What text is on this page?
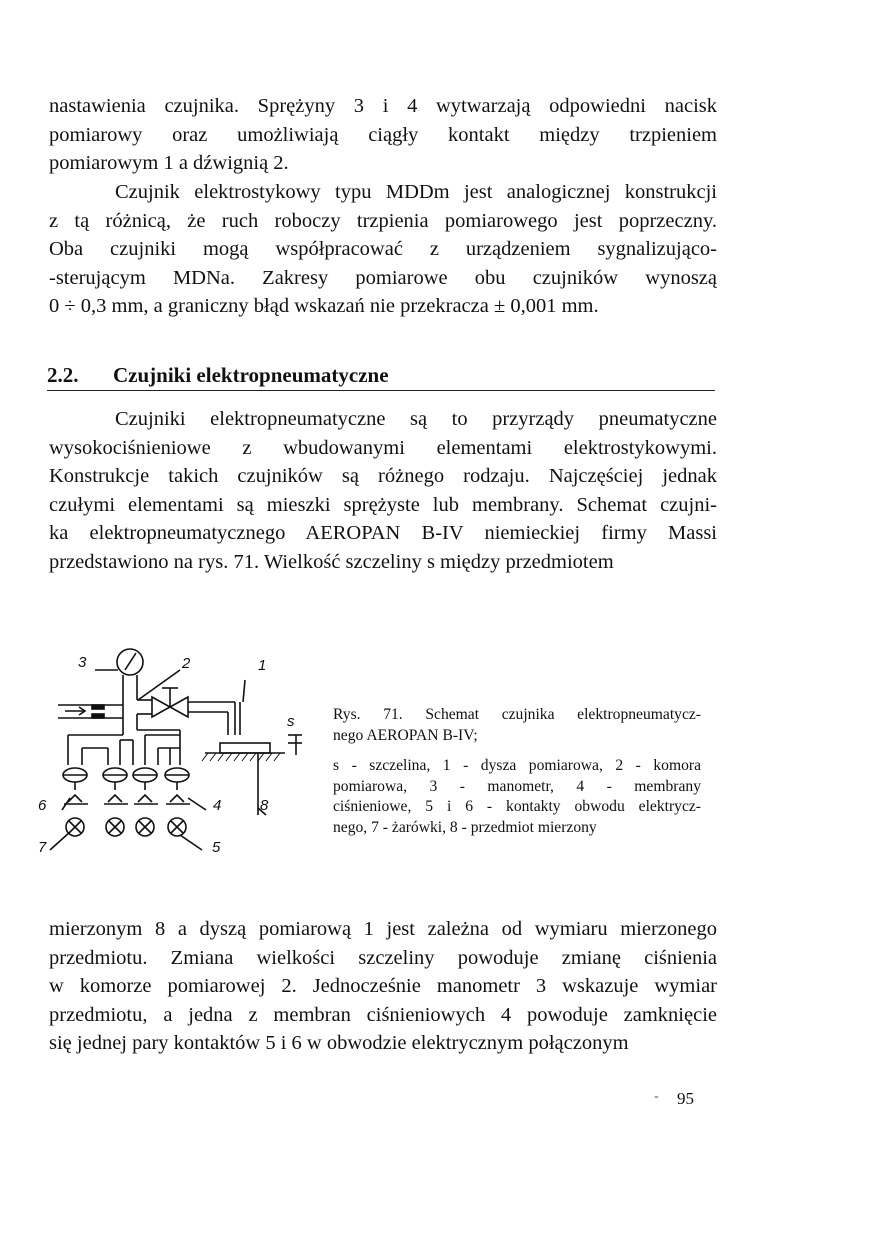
nastawienia czujnika. Sprężyny 3 i 4 wytwarzają odpowiedni nacisk
pomiarowy oraz umożliwiają ciągły kontakt między trzpieniem
pomiarowym 1 a dźwignią 2.
Czujnik elektrostykowy typu MDDm jest analogicznej konstrukcji
z tą różnicą, że ruch roboczy trzpienia pomiarowego jest poprzeczny.
Oba czujniki mogą współpracować z urządzeniem sygnalizująco-
-sterującym MDNa. Zakresy pomiarowe obu czujników wynoszą
0 ÷ 0,3 mm, a graniczny błąd wskazań nie przekracza ± 0,001 mm.
2.2. Czujniki elektropneumatyczne
Czujniki elektropneumatyczne są to przyrządy pneumatyczne
wysokociśnieniowe z wbudowanymi elementami elektrostykowymi.
Konstrukcje takich czujników są różnego rodzaju. Najczęściej jednak
czułymi elementami są mieszki sprężyste lub membrany. Schemat czujni-
ka elektropneumatycznego AEROPAN B-IV niemieckiej firmy Massi
przedstawiono na rys. 71. Wielkość szczeliny s między przedmiotem
3	2	1
s
6	4	8
7	5
Rys. 71. Schemat czujnika elektropneumatycz-
nego AEROPAN B-IV;
s - szczelina, 1 - dysza pomiarowa, 2 - komora
pomiarowa, 3 - manometr, 4 - membrany
ciśnieniowe, 5 i 6 - kontakty obwodu elektrycz-
nego, 7 - żarówki, 8 - przedmiot mierzony
mierzonym 8 a dyszą pomiarową 1 jest zależna od wymiaru mierzonego
przedmiotu. Zmiana wielkości szczeliny powoduje zmianę ciśnienia
w komorze pomiarowej 2. Jednocześnie manometr 3 wskazuje wymiar
przedmiotu, a jedna z membran ciśnieniowych 4 powoduje zamknięcie
się jednej pary kontaktów 5 i 6 w obwodzie elektrycznym połączonym
- 95
